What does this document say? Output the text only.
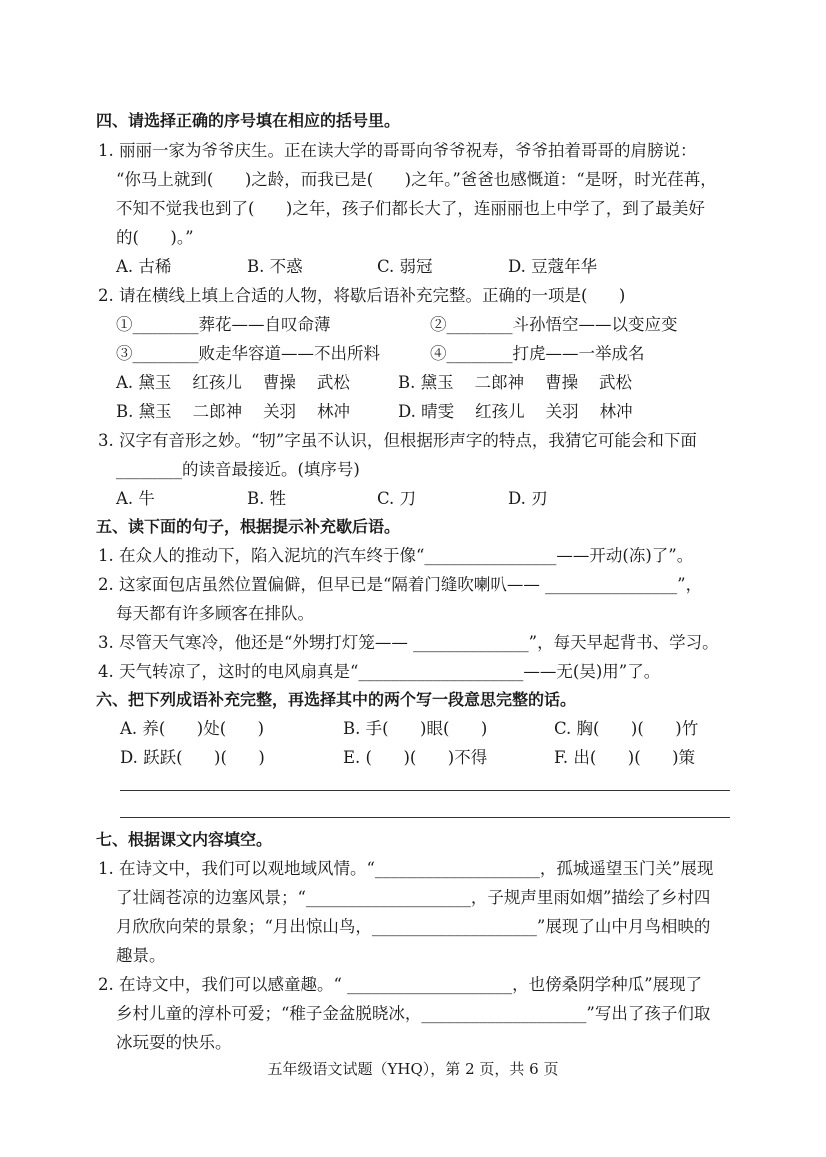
四、请选择正确的序号填在相应的括号里。
1. 丽丽一家为爷爷庆生。正在读大学的哥哥向爷爷祝寿，爷爷拍着哥哥的肩膀说：
“你马上就到(      )之龄，而我已是(      )之年。”爸爸也感慨道：“是呀，时光荏苒，
不知不觉我也到了(      )之年，孩子们都长大了，连丽丽也上中学了，到了最美好
的(      )。”
A. 古稀	B. 不惑	C. 弱冠	D. 豆蔻年华
2. 请在横线上填上合适的人物，将歇后语补充完整。正确的一项是(      )
①________葬花——自叹命薄	②________斗孙悟空——以变应变
③________败走华容道——不出所料	④________打虎——一举成名
A. 黛玉    红孩儿    曹操    武松	B. 黛玉    二郎神    曹操    武松
B. 黛玉    二郎神    关羽    林冲	D. 晴雯    红孩儿    关羽    林冲
3. 汉字有音形之妙。“牣”字虽不认识，但根据形声字的特点，我猜它可能会和下面
________的读音最接近。(填序号)
A. 牛	B. 牲	C. 刀	D. 刃
五、读下面的句子，根据提示补充歇后语。
1. 在众人的推动下，陷入泥坑的汽车终于像“________________——开动(冻)了”。
2. 这家面包店虽然位置偏僻，但早已是“隔着门缝吹喇叭—— ________________”，
每天都有许多顾客在排队。
3. 尽管天气寒冷，他还是“外甥打灯笼—— ______________”，每天早起背书、学习。
4. 天气转凉了，这时的电风扇真是“____________________——无(吴)用”了。
六、把下列成语补充完整，再选择其中的两个写一段意思完整的话。
A. 养(      )处(      )	B. 手(      )眼(      )	C. 胸(      )(      )竹
D. 跃跃(      )(      )	E. (      )(      )不得	F. 出(      )(      )策
七、根据课文内容填空。
1. 在诗文中，我们可以观地域风情。“____________________，孤城遥望玉门关”展现
了壮阔苍凉的边塞风景；“____________________，子规声里雨如烟”描绘了乡村四
月欣欣向荣的景象；“月出惊山鸟，____________________”展现了山中月鸟相映的
趣景。
2. 在诗文中，我们可以感童趣。“ ____________________，也傍桑阴学种瓜”展现了
乡村儿童的淳朴可爱；“稚子金盆脱晓冰，____________________”写出了孩子们取
冰玩耍的快乐。
五年级语文试题（YHQ），第 2 页，共 6 页
